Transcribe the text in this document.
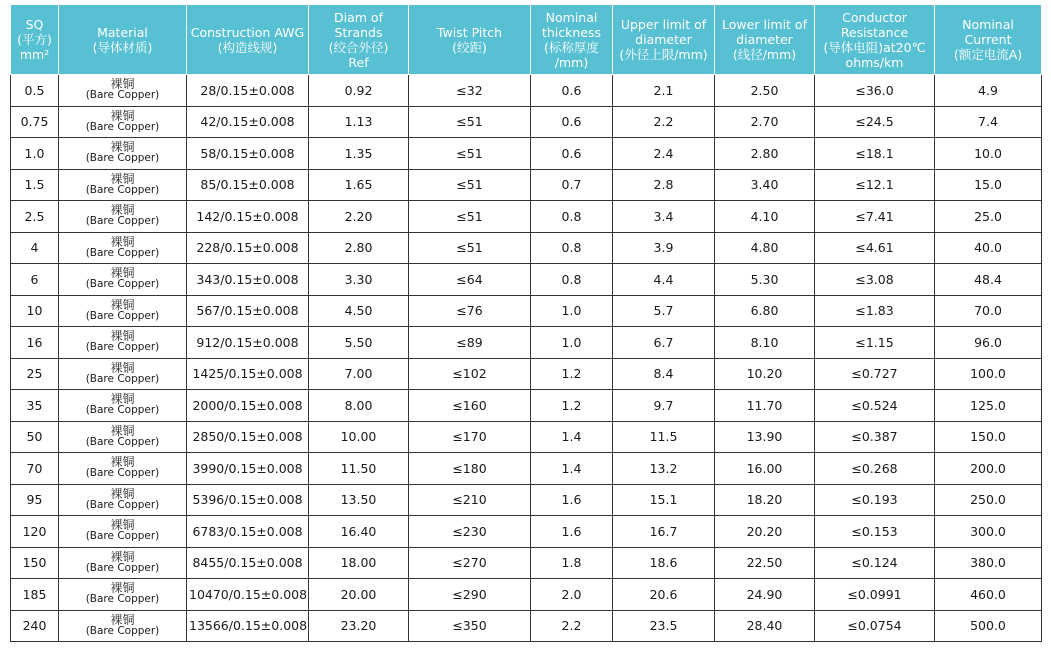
SQ
(平方)
mm²	Material
(导体材质)	Construction AWG
(构造线规)	Diam of
Strands
(绞合外径)
Ref	Twist Pitch
(绞距)	Nominal
thickness
(标称厚度
/mm)	Upper limit of
diameter
(外径上限/mm)	Lower limit of
diameter
(线径/mm)	Conductor
Resistance
(导体电阻)at20℃
ohms/km	Nominal
Current
(额定电流A)
0.5	裸铜
(Bare Copper)	28/0.15±0.008	0.92	≤32	0.6	2.1	2.50	≤36.0	4.9
0.75	裸铜
(Bare Copper)	42/0.15±0.008	1.13	≤51	0.6	2.2	2.70	≤24.5	7.4
1.0	裸铜
(Bare Copper)	58/0.15±0.008	1.35	≤51	0.6	2.4	2.80	≤18.1	10.0
1.5	裸铜
(Bare Copper)	85/0.15±0.008	1.65	≤51	0.7	2.8	3.40	≤12.1	15.0
2.5	裸铜
(Bare Copper)	142/0.15±0.008	2.20	≤51	0.8	3.4	4.10	≤7.41	25.0
4	裸铜
(Bare Copper)	228/0.15±0.008	2.80	≤51	0.8	3.9	4.80	≤4.61	40.0
6	裸铜
(Bare Copper)	343/0.15±0.008	3.30	≤64	0.8	4.4	5.30	≤3.08	48.4
10	裸铜
(Bare Copper)	567/0.15±0.008	4.50	≤76	1.0	5.7	6.80	≤1.83	70.0
16	裸铜
(Bare Copper)	912/0.15±0.008	5.50	≤89	1.0	6.7	8.10	≤1.15	96.0
25	裸铜
(Bare Copper)	1425/0.15±0.008	7.00	≤102	1.2	8.4	10.20	≤0.727	100.0
35	裸铜
(Bare Copper)	2000/0.15±0.008	8.00	≤160	1.2	9.7	11.70	≤0.524	125.0
50	裸铜
(Bare Copper)	2850/0.15±0.008	10.00	≤170	1.4	11.5	13.90	≤0.387	150.0
70	裸铜
(Bare Copper)	3990/0.15±0.008	11.50	≤180	1.4	13.2	16.00	≤0.268	200.0
95	裸铜
(Bare Copper)	5396/0.15±0.008	13.50	≤210	1.6	15.1	18.20	≤0.193	250.0
120	裸铜
(Bare Copper)	6783/0.15±0.008	16.40	≤230	1.6	16.7	20.20	≤0.153	300.0
150	裸铜
(Bare Copper)	8455/0.15±0.008	18.00	≤270	1.8	18.6	22.50	≤0.124	380.0
185	裸铜
(Bare Copper)	10470/0.15±0.008	20.00	≤290	2.0	20.6	24.90	≤0.0991	460.0
240	裸铜
(Bare Copper)	13566/0.15±0.008	23.20	≤350	2.2	23.5	28.40	≤0.0754	500.0
